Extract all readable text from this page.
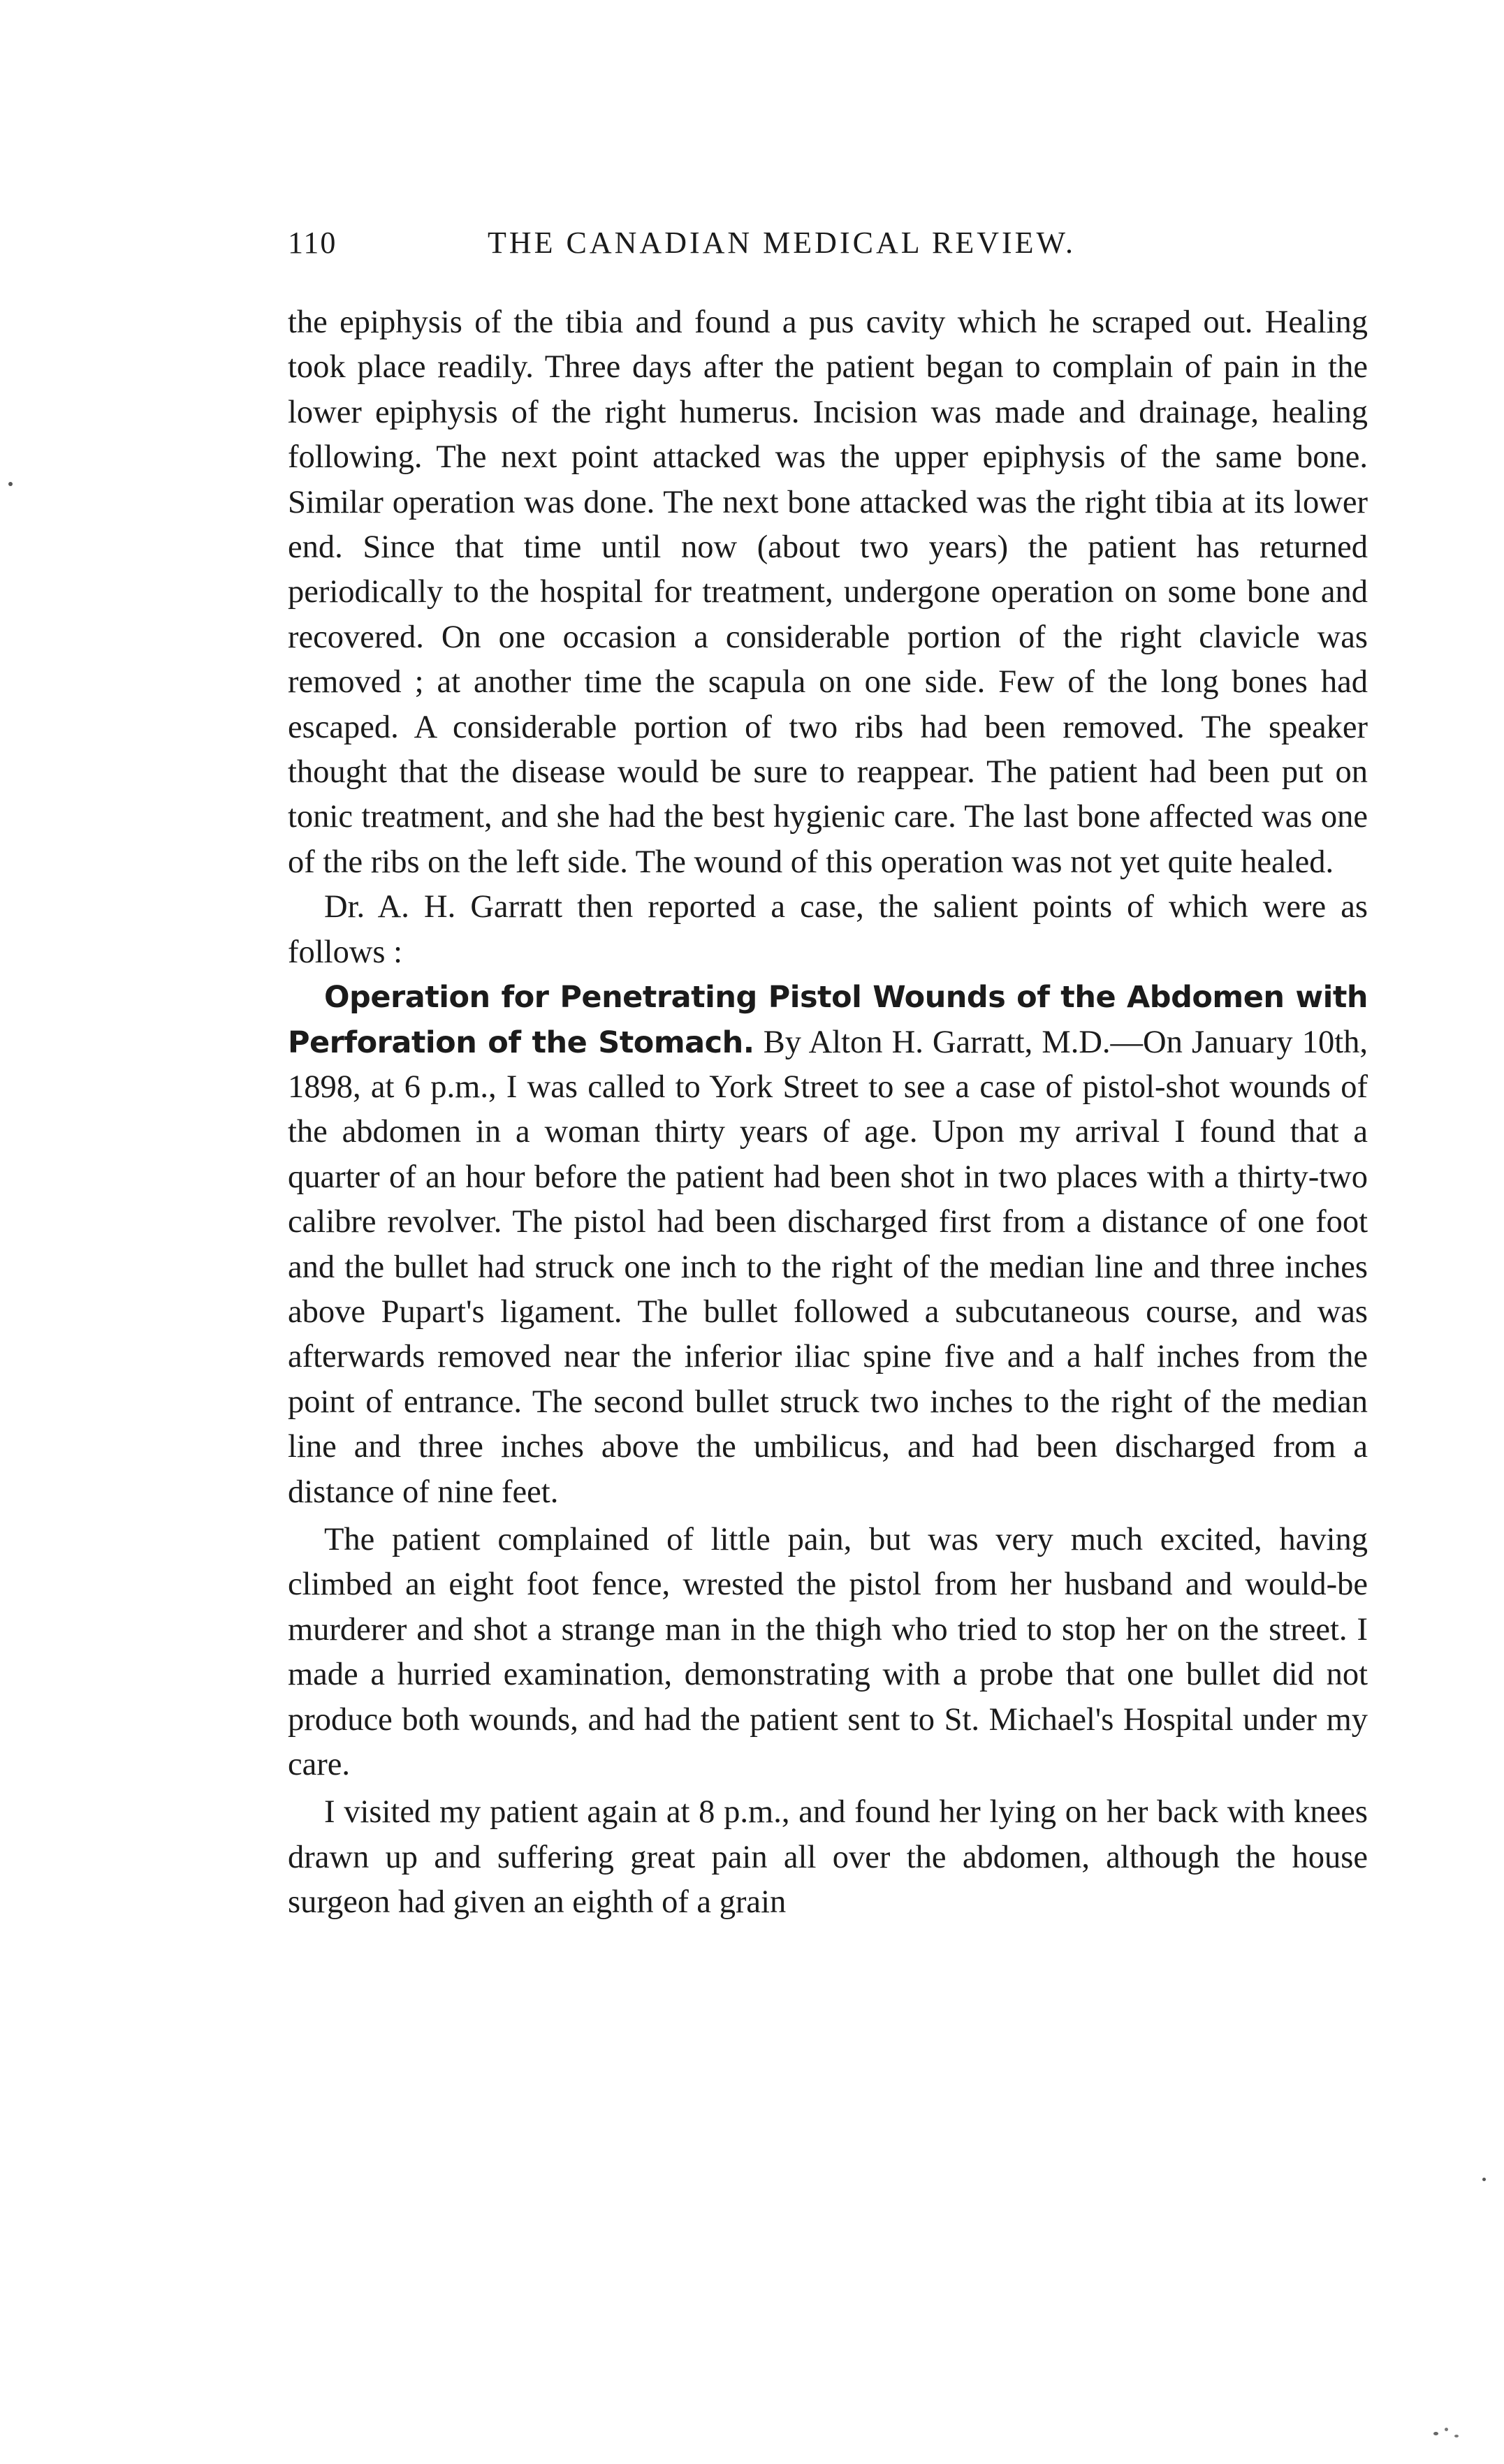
110	THE CANADIAN MEDICAL REVIEW.

the epiphysis of the tibia and found a pus cavity which he scraped out. Healing took place readily. Three days after the patient began to complain of pain in the lower epiphysis of the right humerus. Incision was made and drainage, healing following. The next point attacked was the upper epiphysis of the same bone. Similar operation was done. The next bone attacked was the right tibia at its lower end. Since that time until now (about two years) the patient has returned periodically to the hospital for treatment, undergone operation on some bone and recovered. On one occasion a considerable portion of the right clavicle was removed ; at another time the scapula on one side. Few of the long bones had escaped. A considerable portion of two ribs had been removed. The speaker thought that the disease would be sure to reappear. The patient had been put on tonic treatment, and she had the best hygienic care. The last bone affected was one of the ribs on the left side. The wound of this operation was not yet quite healed.

Dr. A. H. Garratt then reported a case, the salient points of which were as follows :

Operation for Penetrating Pistol Wounds of the Abdomen with Perforation of the Stomach. By Alton H. Garratt, M.D.—On January 10th, 1898, at 6 p.m., I was called to York Street to see a case of pistol-shot wounds of the abdomen in a woman thirty years of age. Upon my arrival I found that a quarter of an hour before the patient had been shot in two places with a thirty-two calibre revolver. The pistol had been discharged first from a distance of one foot and the bullet had struck one inch to the right of the median line and three inches above Pupart's ligament. The bullet followed a subcutaneous course, and was afterwards removed near the inferior iliac spine five and a half inches from the point of entrance. The second bullet struck two inches to the right of the median line and three inches above the umbilicus, and had been discharged from a distance of nine feet.

The patient complained of little pain, but was very much excited, having climbed an eight foot fence, wrested the pistol from her husband and would-be murderer and shot a strange man in the thigh who tried to stop her on the street. I made a hurried examination, demonstrating with a probe that one bullet did not produce both wounds, and had the patient sent to St. Michael's Hospital under my care.

I visited my patient again at 8 p.m., and found her lying on her back with knees drawn up and suffering great pain all over the abdomen, although the house surgeon had given an eighth of a grain
